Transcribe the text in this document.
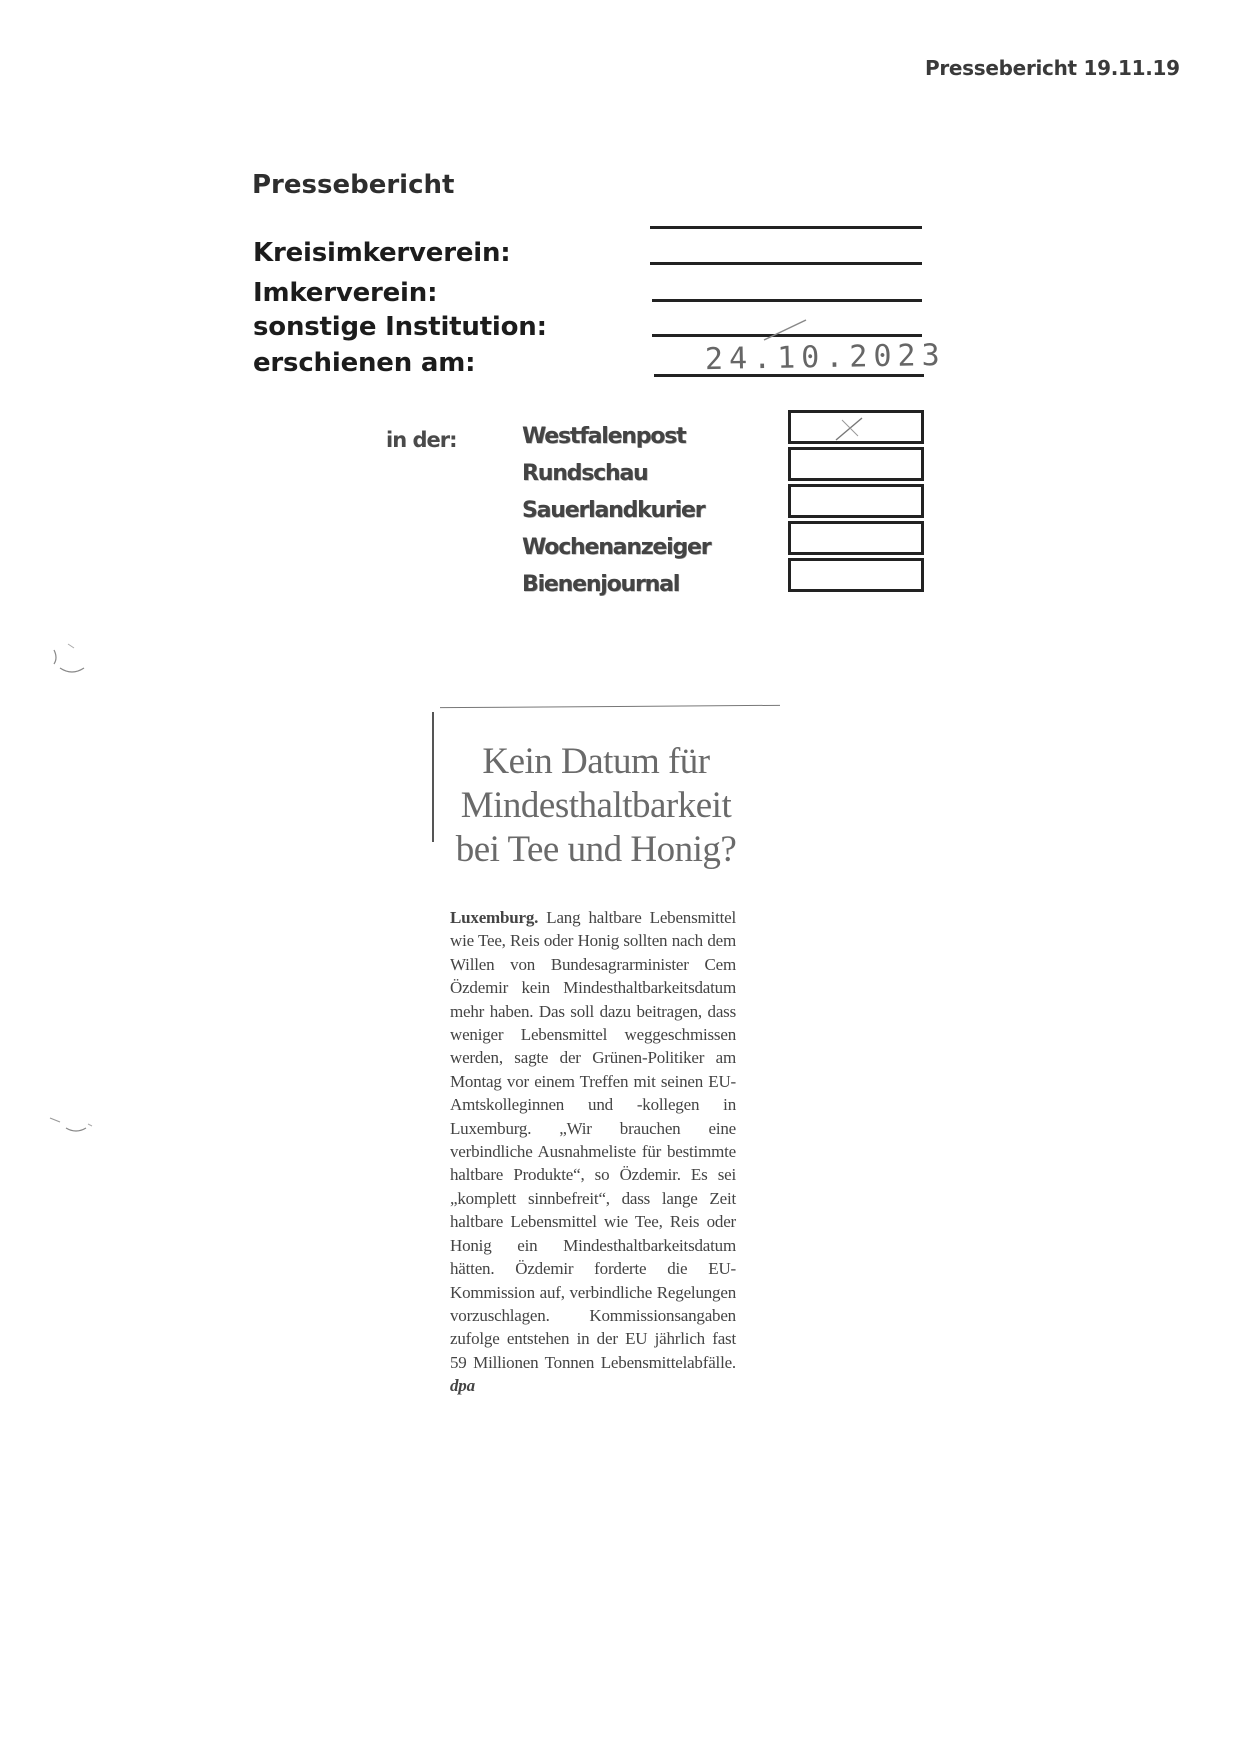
Pressebericht 19.11.19
Pressebericht
Kreisimkerverein:
Imkerverein:
sonstige Institution:
erschienen am:	24.10.2023
in der:	Westfalenpost
Rundschau
Sauerlandkurier
Wochenanzeiger
Bienenjournal
Kein Datum für
Mindesthaltbarkeit
bei Tee und Honig?
Luxemburg. Lang haltbare Lebensmittel wie Tee, Reis oder Honig sollten nach dem Willen von Bundesagrarminister Cem Özdemir kein Mindesthaltbarkeitsdatum mehr haben. Das soll dazu beitragen, dass weniger Lebensmittel weggeschmissen werden, sagte der Grünen-Politiker am Montag vor einem Treffen mit seinen EU-Amtskolleginnen und -kollegen in Luxemburg. „Wir brauchen eine verbindliche Ausnahmeliste für bestimmte haltbare Produkte“, so Özdemir. Es sei „komplett sinnbefreit“, dass lange Zeit haltbare Lebensmittel wie Tee, Reis oder Honig ein Mindesthaltbarkeitsdatum hätten. Özdemir forderte die EU-Kommission auf, verbindliche Regelungen vorzuschlagen. Kommissionsangaben zufolge entstehen in der EU jährlich fast 59 Millionen Tonnen Lebensmittelabfälle. dpa
